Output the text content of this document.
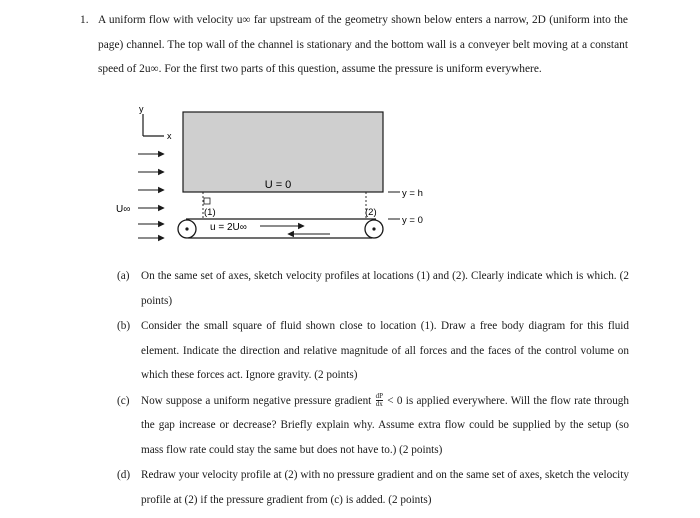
1. A uniform flow with velocity u∞ far upstream of the geometry shown below enters a narrow, 2D (uniform into the page) channel. The top wall of the channel is stationary and the bottom wall is a conveyer belt moving at a constant speed of 2u∞. For the first two parts of this question, assume the pressure is uniform everywhere.
y
x
U = 0
u = 2U∞
(1)	(2)
y = h
y = 0
U∞
(a) On the same set of axes, sketch velocity profiles at locations (1) and (2). Clearly indicate which is which. (2 points)
(b) Consider the small square of fluid shown close to location (1). Draw a free body diagram for this fluid element. Indicate the direction and relative magnitude of all forces and the faces of the control volume on which these forces act. Ignore gravity. (2 points)
(c) Now suppose a uniform negative pressure gradient $\frac{dP}{dx} < 0$ is applied everywhere. Will the flow rate through the gap increase or decrease? Briefly explain why. Assume extra flow could be supplied by the setup (so mass flow rate could stay the same but does not have to.) (2 points)
(d) Redraw your velocity profile at (2) with no pressure gradient and on the same set of axes, sketch the velocity profile at (2) if the pressure gradient from (c) is added. (2 points)
